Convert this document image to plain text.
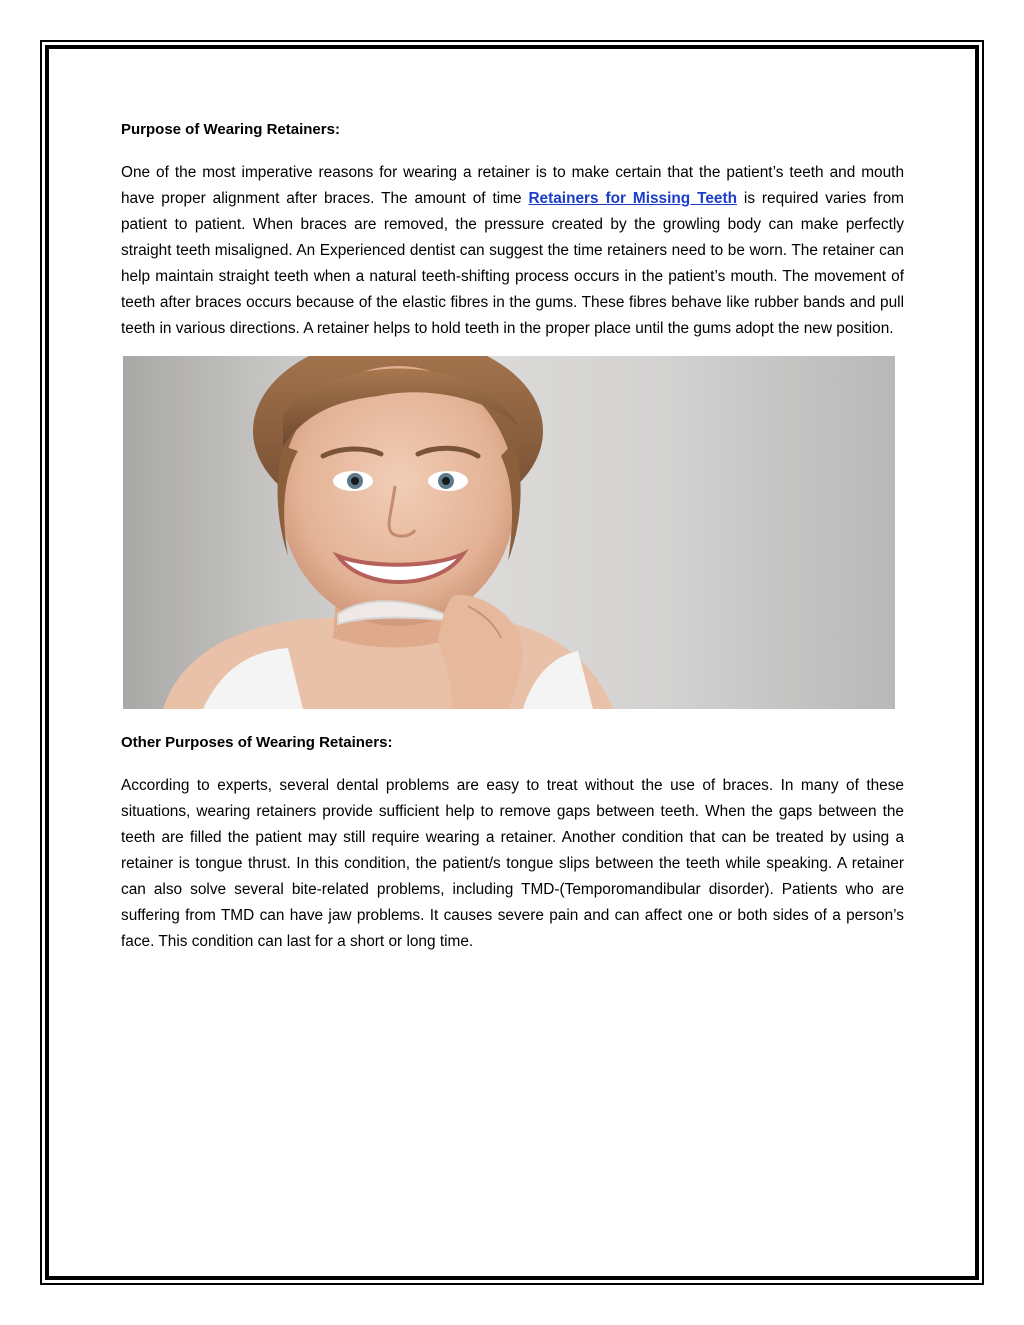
Purpose of Wearing Retainers:

One of the most imperative reasons for wearing a retainer is to make certain that the patient’s teeth and mouth have proper alignment after braces. The amount of time Retainers for Missing Teeth is required varies from patient to patient. When braces are removed, the pressure created by the growling body can make perfectly straight teeth misaligned. An Experienced dentist can suggest the time retainers need to be worn. The retainer can help maintain straight teeth when a natural teeth-shifting process occurs in the patient’s mouth. The movement of teeth after braces occurs because of the elastic fibres in the gums. These fibres behave like rubber bands and pull teeth in various directions. A retainer helps to hold teeth in the proper place until the gums adopt the new position.

Other Purposes of Wearing Retainers:

According to experts, several dental problems are easy to treat without the use of braces. In many of these situations, wearing retainers provide sufficient help to remove gaps between teeth. When the gaps between the teeth are filled the patient may still require wearing a retainer. Another condition that can be treated by using a retainer is tongue thrust. In this condition, the patient/s tongue slips between the teeth while speaking. A retainer can also solve several bite-related problems, including TMD-(Temporomandibular disorder). Patients who are suffering from TMD can have jaw problems. It causes severe pain and can affect one or both sides of a person’s face. This condition can last for a short or long time.
